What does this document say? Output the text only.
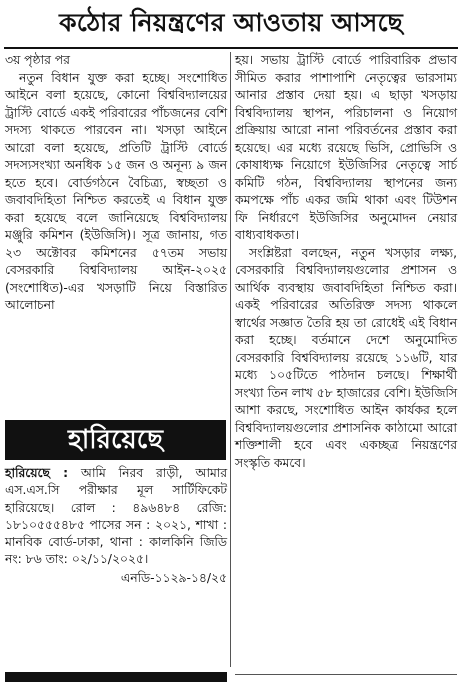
কঠোর নিয়ন্ত্রণের আওতায় আসছে

৩য় পৃষ্ঠার পর

নতুন বিধান যুক্ত করা হচ্ছে। সংশোধিত আইনে বলা হয়েছে, কোনো বিশ্ববিদ্যালয়ের ট্রাস্টি বোর্ডে একই পরিবারের পাঁচজনের বেশি সদস্য থাকতে পারবেন না। খসড়া আইনে আরো বলা হয়েছে, প্রতিটি ট্রাস্টি বোর্ডে সদস্যসংখ্যা অনধিক ১৫ জন ও অনূন্য ৯ জন হতে হবে। বোর্ডগঠনে বৈচিত্র্য, স্বচ্ছতা ও জবাবদিহিতা নিশ্চিত করতেই এ বিধান যুক্ত করা হয়েছে বলে জানিয়েছে বিশ্ববিদ্যালয় মঞ্জুরি কমিশন (ইউজিসি)। সূত্র জানায়, গত ২৩ অক্টোবর কমিশনের ৫৭তম সভায় বেসরকারি বিশ্ববিদ্যালয় আইন-২০২৫ (সংশোধিত)-এর খসড়াটি নিয়ে বিস্তারিত আলোচনা

হারিয়েছে
হারিয়েছে : আমি নিরব রাড়ী, আমার এস.এস.সি পরীক্ষার মূল সার্টিফিকেট হারিয়েছে। রোল : ৪৯৬৪৮৪ রেজি: ১৮১০৫৫৫৪৮৫ পাসের সন : ২০২১, শাখা : মানবিক বোর্ড-ঢাকা, থানা : কালকিনি জিডি নং: ৮৬ তাং: ০২/১১/২০২৫।
এনডি-১১২৯-১৪/২৫

হয়। সভায় ট্রাস্টি বোর্ডে পারিবারিক প্রভাব সীমিত করার পাশাপাশি নেতৃত্বের ভারসাম্য আনার প্রস্তাব দেয়া হয়। এ ছাড়া খসড়ায় বিশ্ববিদ্যালয় স্থাপন, পরিচালনা ও নিয়োগ প্রক্রিয়ায় আরো নানা পরিবর্তনের প্রস্তাব করা হয়েছে। এর মধ্যে রয়েছে ভিসি, প্রোভিসি ও কোষাধ্যক্ষ নিয়োগে ইউজিসির নেতৃত্বে সার্চ কমিটি গঠন, বিশ্ববিদ্যালয় স্থাপনের জন্য কমপক্ষে পাঁচ একর জমি থাকা এবং টিউশন ফি নির্ধারণে ইউজিসির অনুমোদন নেয়ার বাধ্যবাধকতা।

সংশ্লিষ্টরা বলছেন, নতুন খসড়ার লক্ষ্য, বেসরকারি বিশ্ববিদ্যালয়গুলোর প্রশাসন ও আর্থিক ব্যবস্থায় জবাবদিহিতা নিশ্চিত করা। একই পরিবারের অতিরিক্ত সদস্য থাকলে স্বার্থের সজ্ঞাত তৈরি হয় তা রোধেই এই বিধান করা হচ্ছে। বর্তমানে দেশে অনুমোদিত বেসরকারি বিশ্ববিদ্যালয় রয়েছে ১১৬টি, যার মধ্যে ১০৫টিতে পাঠদান চলছে। শিক্ষার্থী সংখ্যা তিন লাখ ৫৮ হাজারের বেশি। ইউজিসি আশা করছে, সংশোধিত আইন কার্যকর হলে বিশ্ববিদ্যালয়গুলোর প্রশাসনিক কাঠামো আরো শক্তিশালী হবে এবং একচ্ছত্র নিয়ন্ত্রণের সংস্কৃতি কমবে।
